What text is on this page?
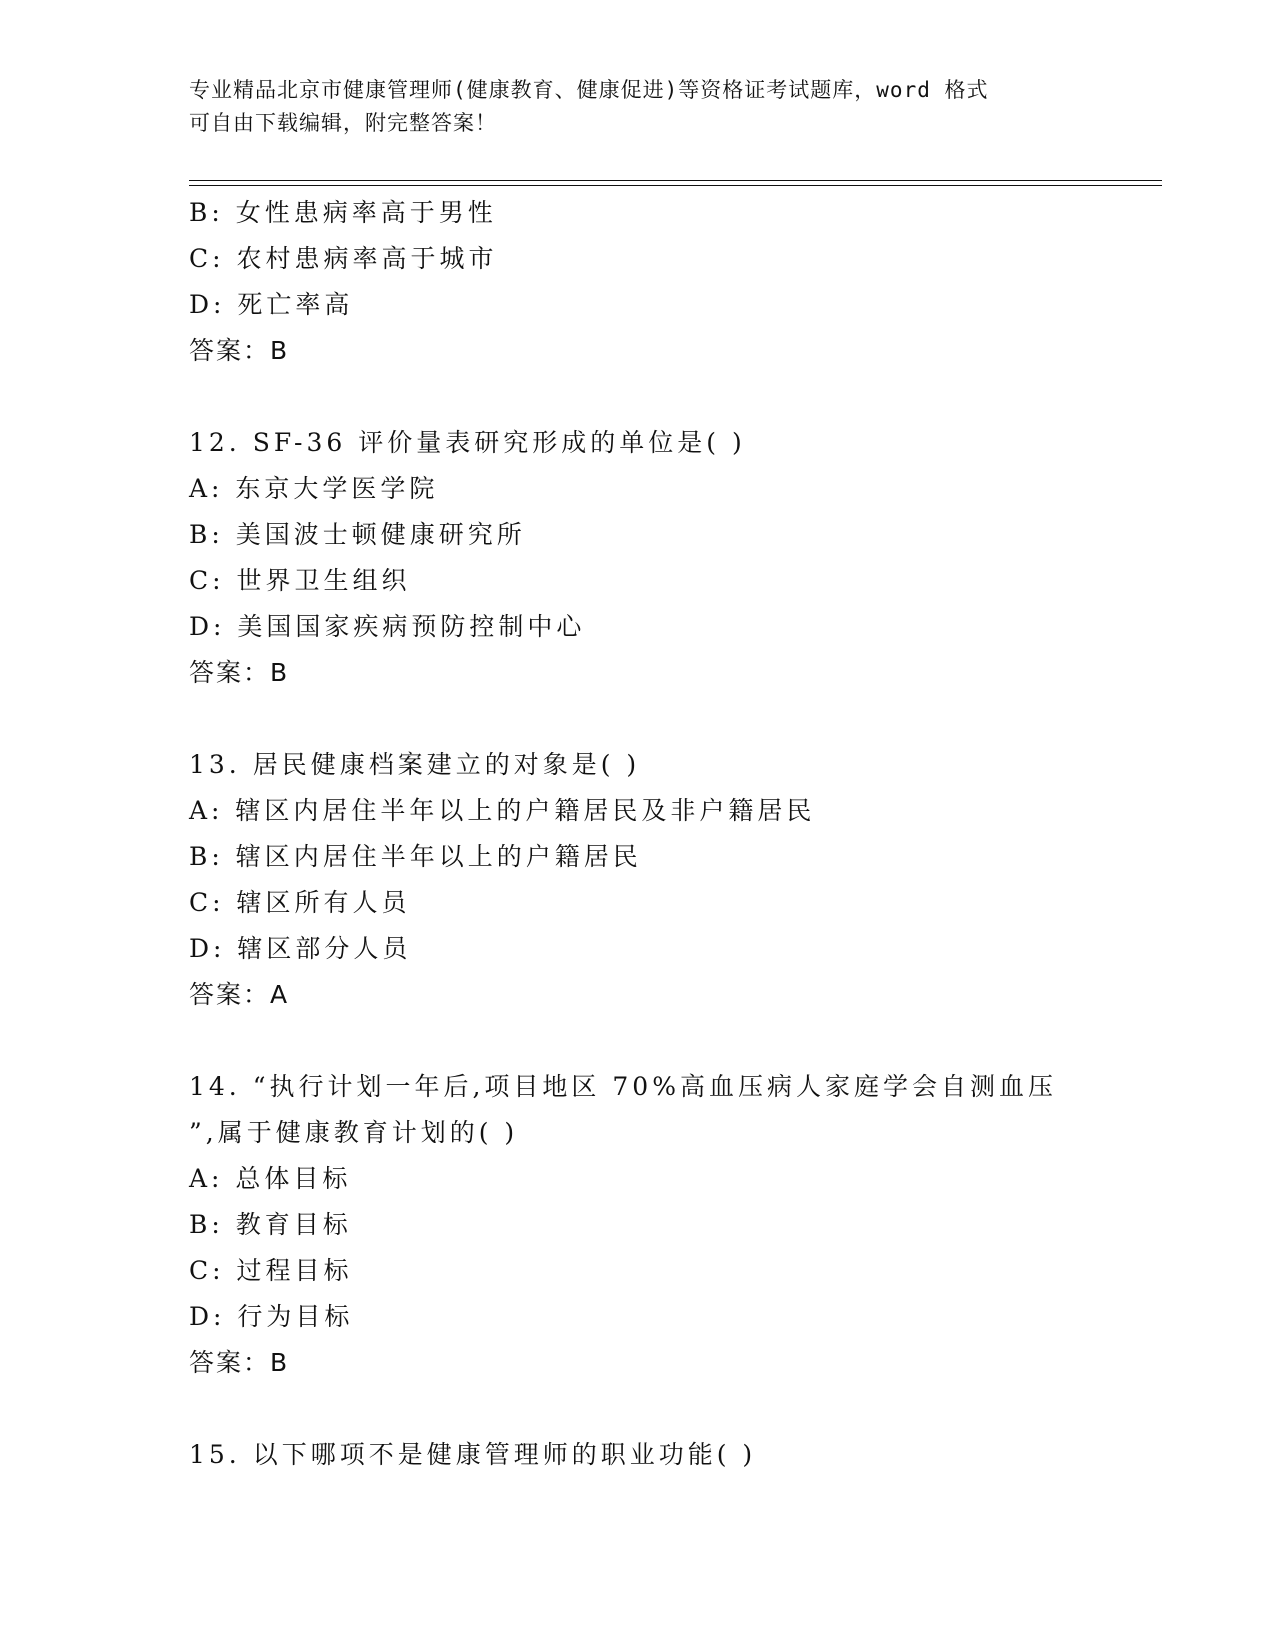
专业精品北京市健康管理师(健康教育、健康促进)等资格证考试题库，word 格式
可自由下载编辑，附完整答案！
B: 女性患病率高于男性
C: 农村患病率高于城市
D: 死亡率高
答案：B
12. SF-36 评价量表研究形成的单位是( )
A: 东京大学医学院
B: 美国波士顿健康研究所
C: 世界卫生组织
D: 美国国家疾病预防控制中心
答案：B
13. 居民健康档案建立的对象是( )
A: 辖区内居住半年以上的户籍居民及非户籍居民
B: 辖区内居住半年以上的户籍居民
C: 辖区所有人员
D: 辖区部分人员
答案：A
14. “执行计划一年后,项目地区 70%高血压病人家庭学会自测血压
”,属于健康教育计划的( )
A: 总体目标
B: 教育目标
C: 过程目标
D: 行为目标
答案：B
15. 以下哪项不是健康管理师的职业功能( )
